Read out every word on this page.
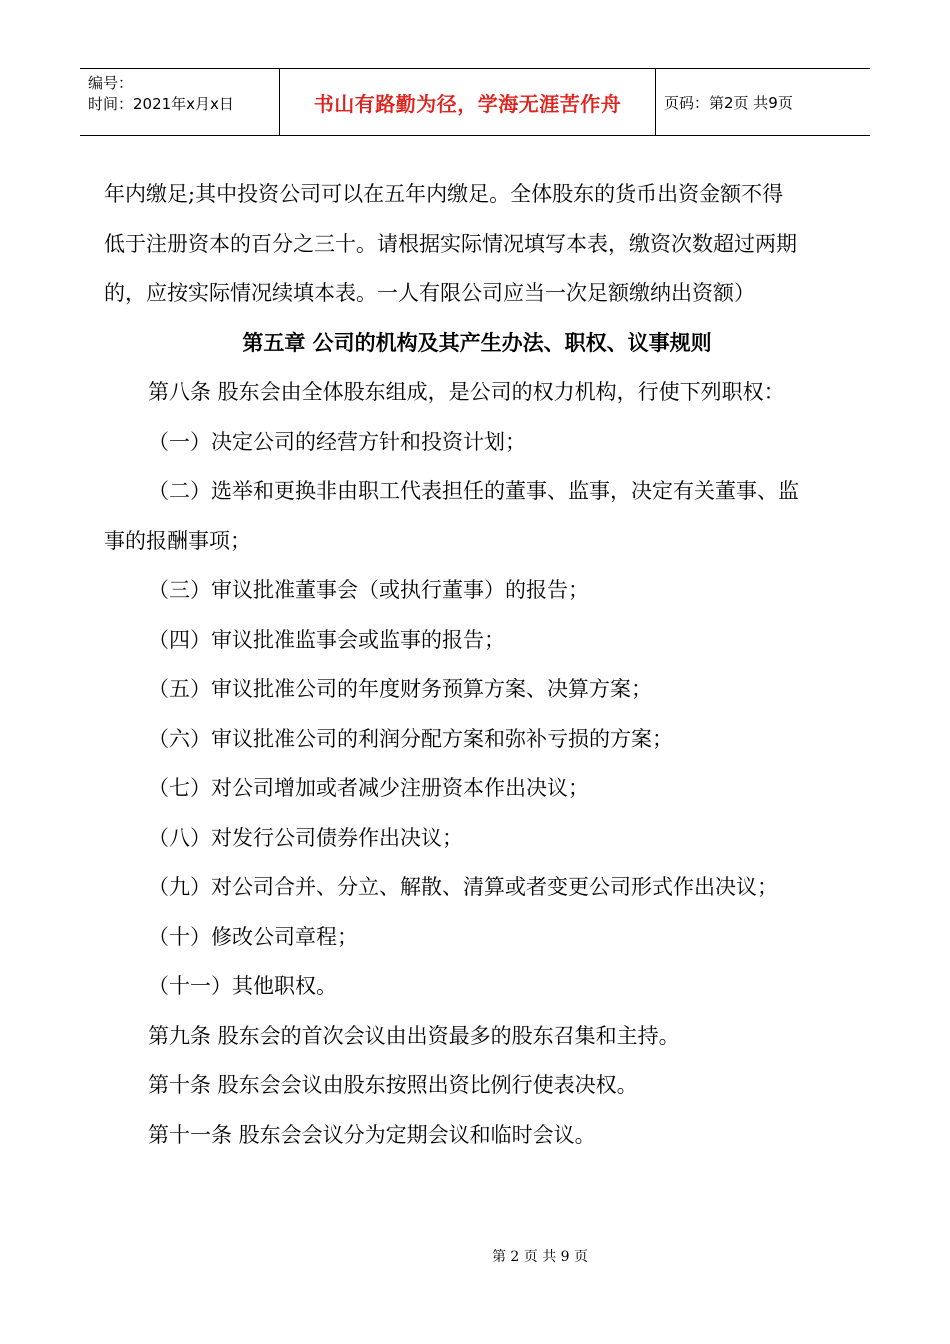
编号：
时间：2021年x月x日	书山有路勤为径，学海无涯苦作舟	页码：第2页 共9页

年内缴足;其中投资公司可以在五年内缴足。全体股东的货币出资金额不得

低于注册资本的百分之三十。请根据实际情况填写本表，缴资次数超过两期

的，应按实际情况续填本表。一人有限公司应当一次足额缴纳出资额）

第五章 公司的机构及其产生办法、职权、议事规则

第八条 股东会由全体股东组成，是公司的权力机构，行使下列职权：

（一）决定公司的经营方针和投资计划；

（二）选举和更换非由职工代表担任的董事、监事，决定有关董事、监

事的报酬事项；

（三）审议批准董事会（或执行董事）的报告；

（四）审议批准监事会或监事的报告；

（五）审议批准公司的年度财务预算方案、决算方案；

（六）审议批准公司的利润分配方案和弥补亏损的方案；

（七）对公司增加或者减少注册资本作出决议；

（八）对发行公司债券作出决议；

（九）对公司合并、分立、解散、清算或者变更公司形式作出决议；

（十）修改公司章程；

（十一）其他职权。

第九条 股东会的首次会议由出资最多的股东召集和主持。

第十条 股东会会议由股东按照出资比例行使表决权。

第十一条 股东会会议分为定期会议和临时会议。

第 2 页 共 9 页
